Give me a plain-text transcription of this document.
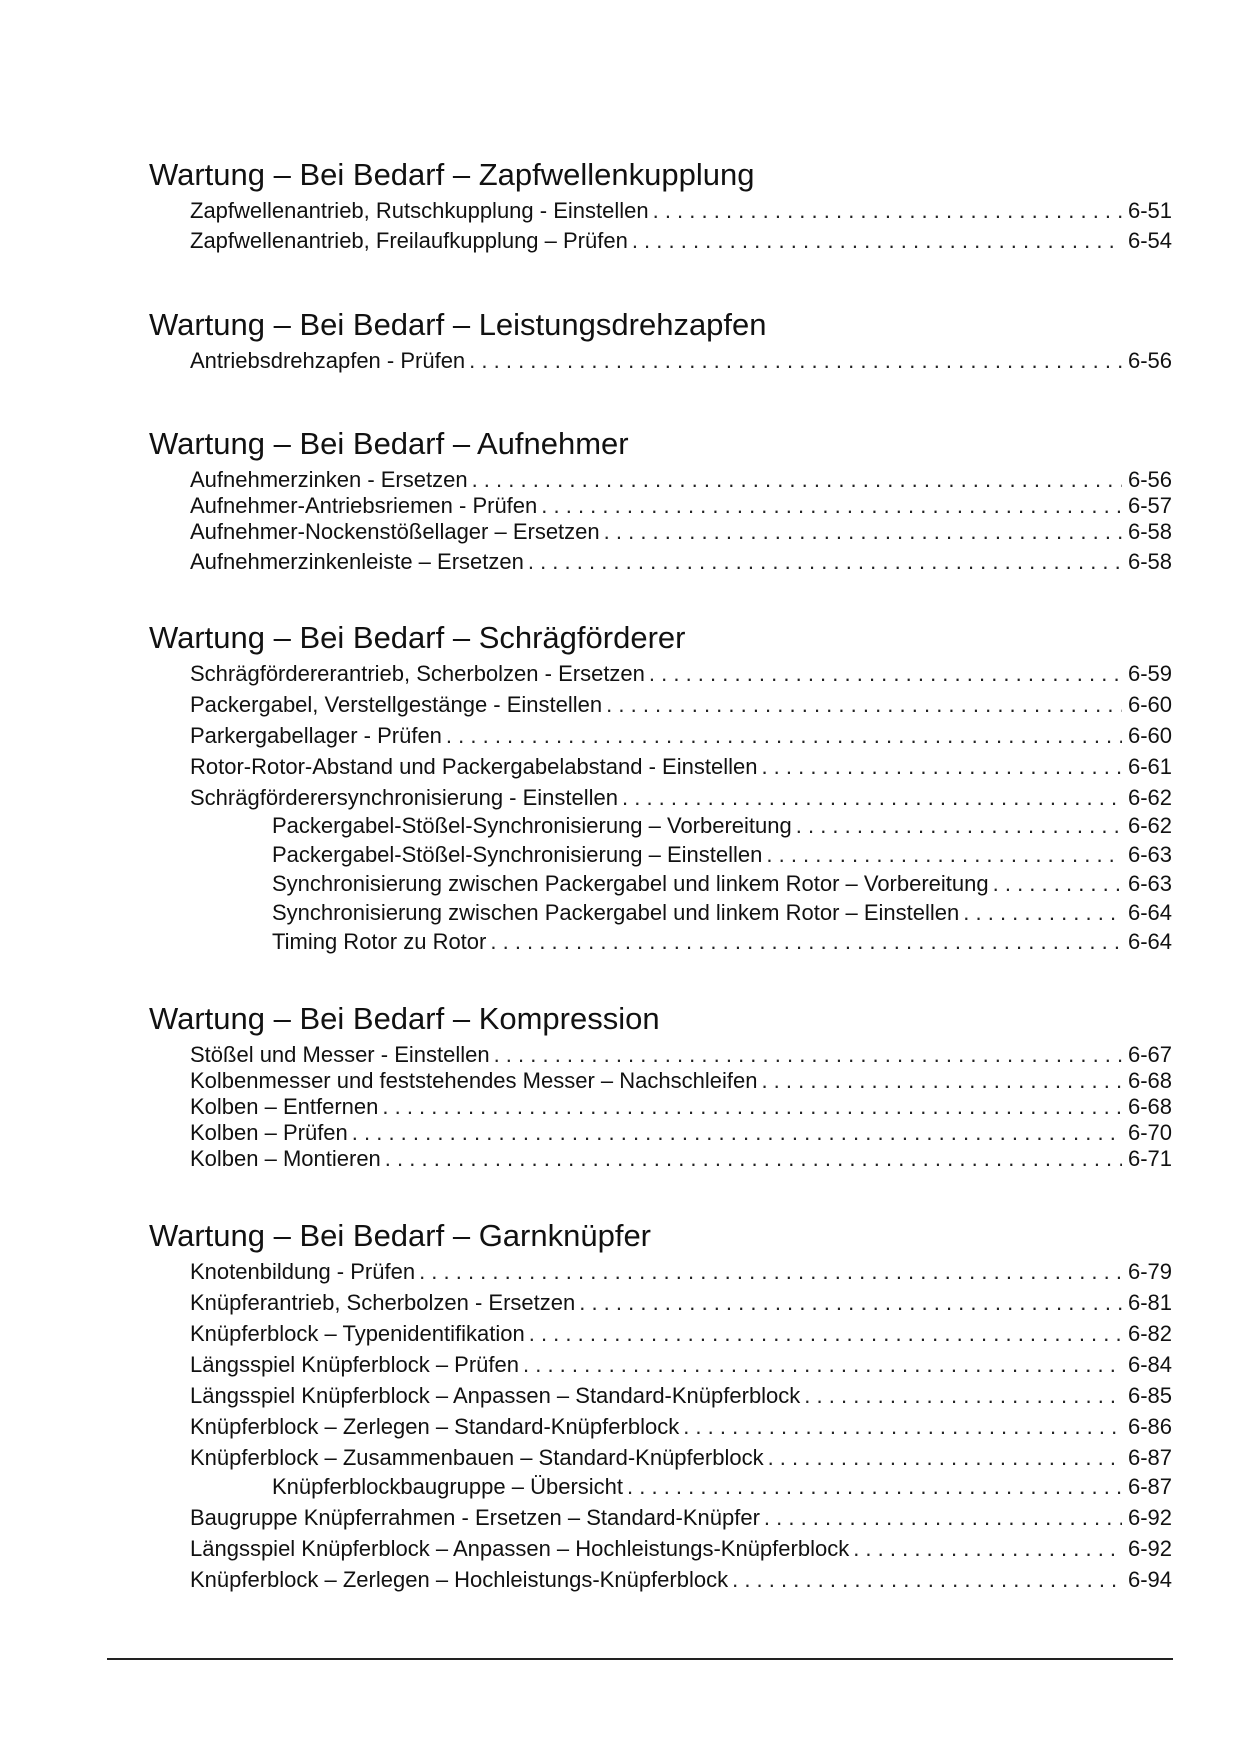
Wartung – Bei Bedarf – Zapfwellenkupplung
Zapfwellenantrieb, Rutschkupplung - Einstellen . . .	6-51
Zapfwellenantrieb, Freilaufkupplung – Prüfen . . .	6-54
Wartung – Bei Bedarf – Leistungsdrehzapfen
Antriebsdrehzapfen - Prüfen . . .	6-56
Wartung – Bei Bedarf – Aufnehmer
Aufnehmerzinken - Ersetzen . . .	6-56
Aufnehmer-Antriebsriemen - Prüfen . . .	6-57
Aufnehmer-Nockenstößellager – Ersetzen . . .	6-58
Aufnehmerzinkenleiste – Ersetzen . . .	6-58
Wartung – Bei Bedarf – Schrägförderer
Schrägfördererantrieb, Scherbolzen - Ersetzen . . .	6-59
Packergabel, Verstellgestänge - Einstellen . . .	6-60
Parkergabellager - Prüfen . . .	6-60
Rotor-Rotor-Abstand und Packergabelabstand - Einstellen . . .	6-61
Schrägförderersynchronisierung - Einstellen . . .	6-62
Packergabel-Stößel-Synchronisierung – Vorbereitung . . .	6-62
Packergabel-Stößel-Synchronisierung – Einstellen . . .	6-63
Synchronisierung zwischen Packergabel und linkem Rotor – Vorbereitung . . .	6-63
Synchronisierung zwischen Packergabel und linkem Rotor – Einstellen . . .	6-64
Timing Rotor zu Rotor . . .	6-64
Wartung – Bei Bedarf – Kompression
Stößel und Messer - Einstellen . . .	6-67
Kolbenmesser und feststehendes Messer – Nachschleifen . . .	6-68
Kolben – Entfernen . . .	6-68
Kolben – Prüfen . . .	6-70
Kolben – Montieren . . .	6-71
Wartung – Bei Bedarf – Garnknüpfer
Knotenbildung - Prüfen . . .	6-79
Knüpferantrieb, Scherbolzen - Ersetzen . . .	6-81
Knüpferblock – Typenidentifikation . . .	6-82
Längsspiel Knüpferblock – Prüfen . . .	6-84
Längsspiel Knüpferblock – Anpassen – Standard-Knüpferblock . . .	6-85
Knüpferblock – Zerlegen – Standard-Knüpferblock . . .	6-86
Knüpferblock – Zusammenbauen – Standard-Knüpferblock . . .	6-87
Knüpferblockbaugruppe – Übersicht . . .	6-87
Baugruppe Knüpferrahmen - Ersetzen – Standard-Knüpfer . . .	6-92
Längsspiel Knüpferblock – Anpassen – Hochleistungs-Knüpferblock . . .	6-92
Knüpferblock – Zerlegen – Hochleistungs-Knüpferblock . . .	6-94
